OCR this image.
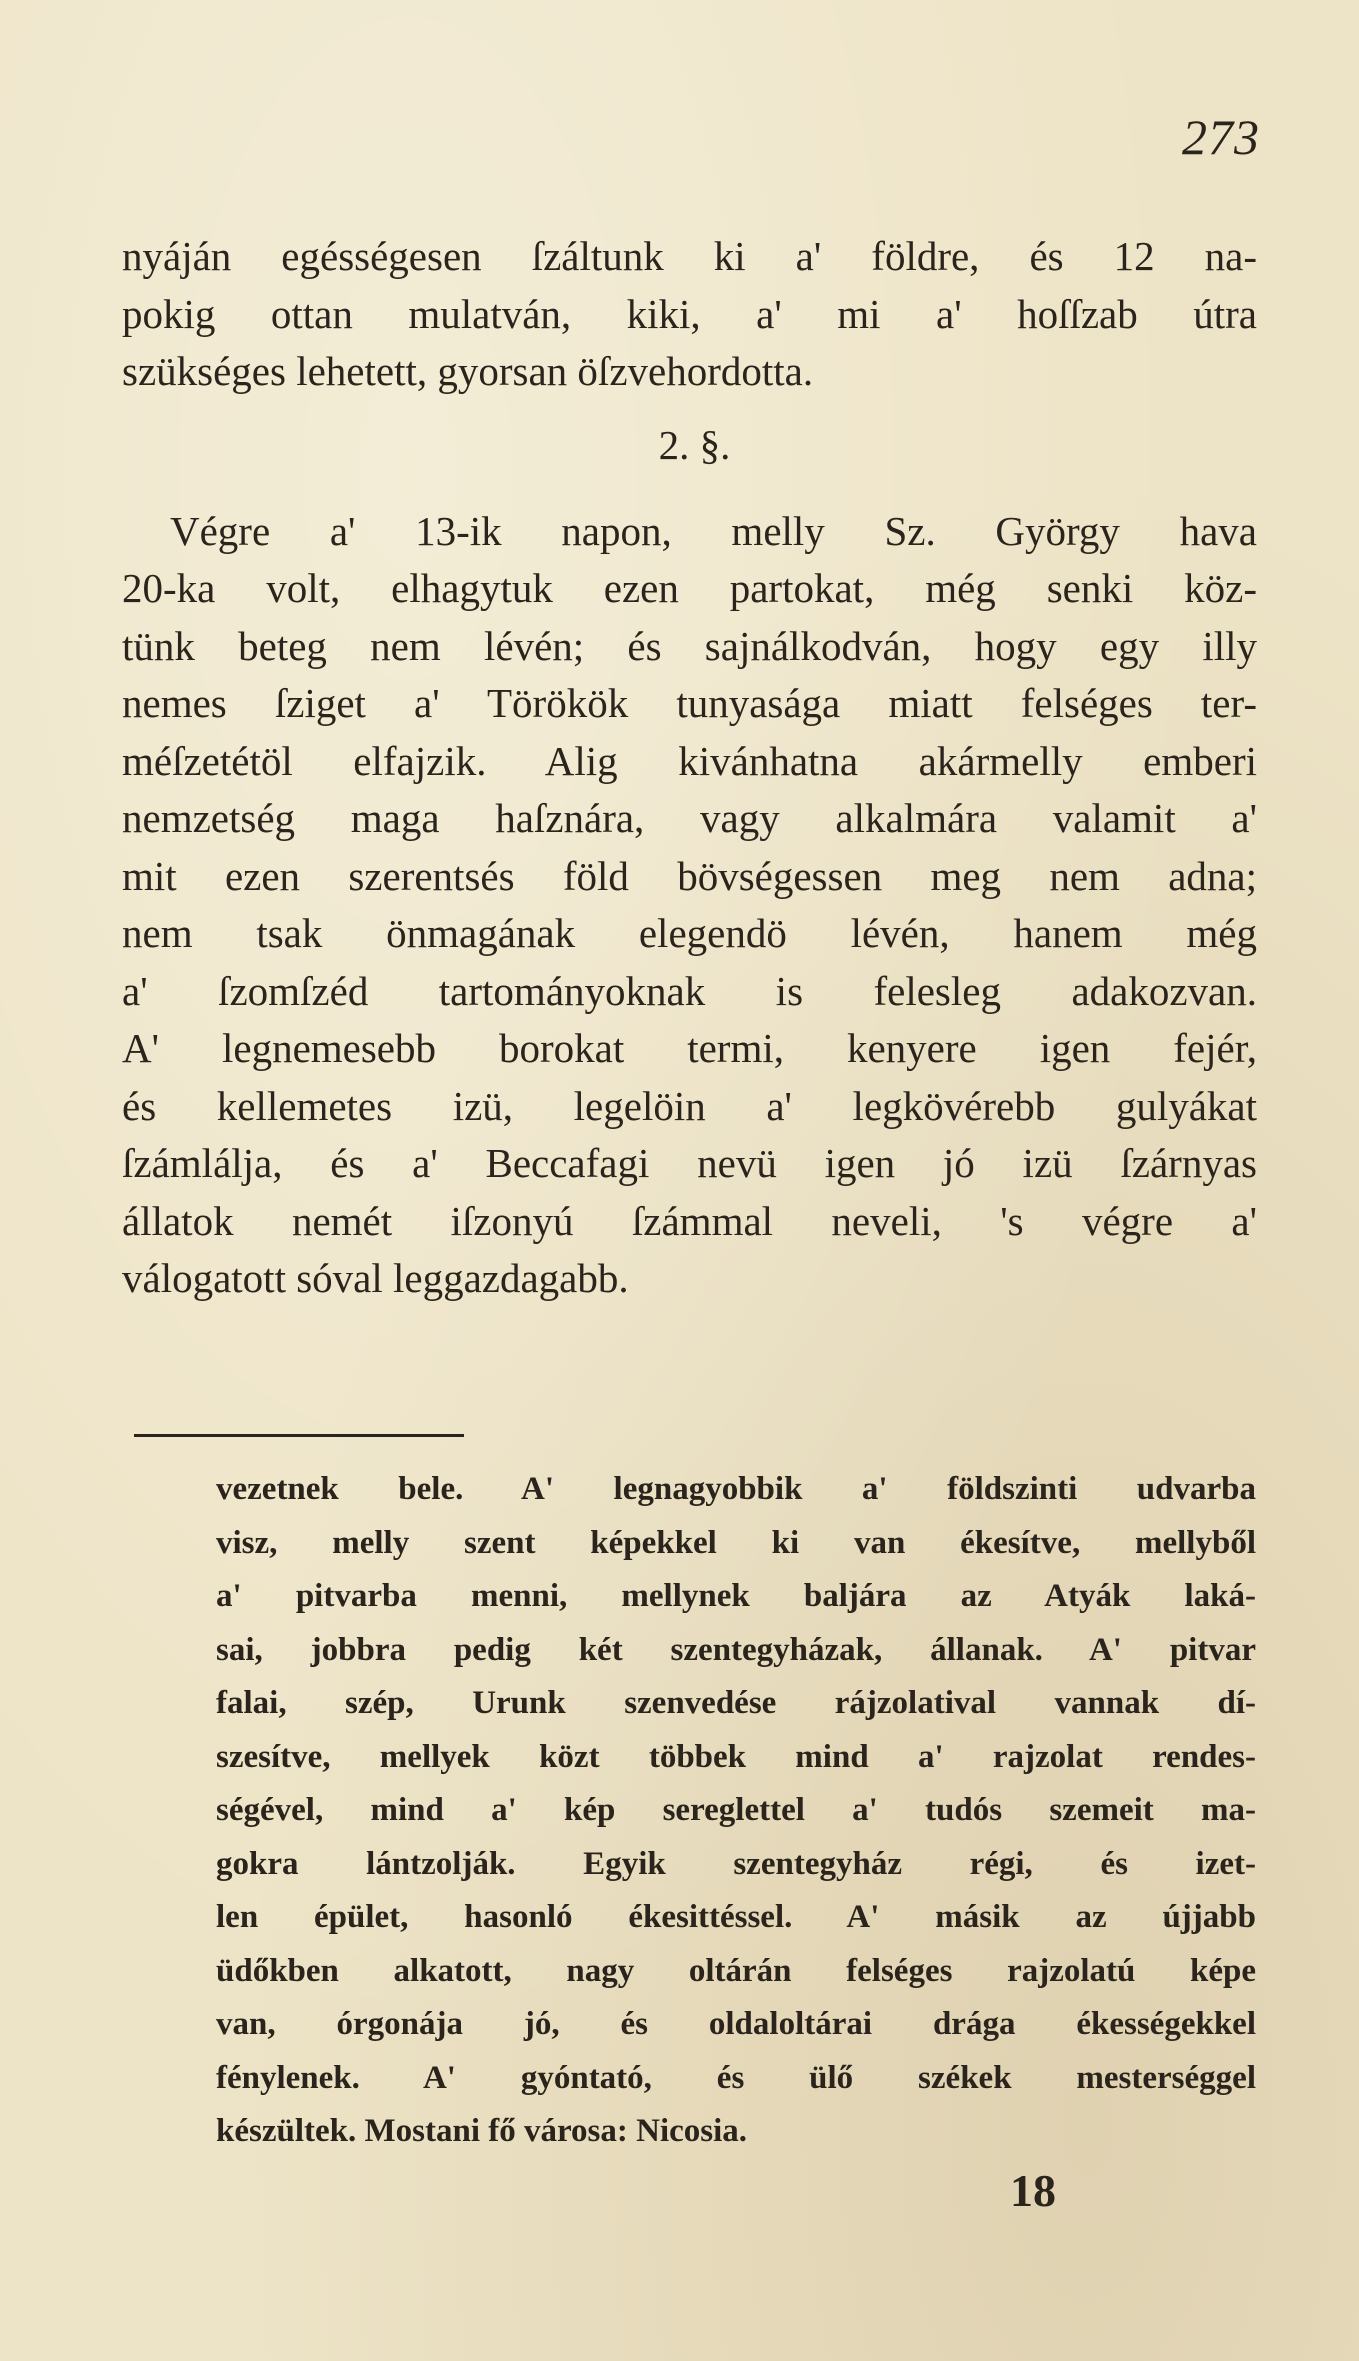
273
nyáján egésségesen ſzáltunk ki a' földre, és 12 na-
pokig ottan mulatván, kiki, a' mi a' hoſſzab útra
szükséges lehetett, gyorsan öſzvehordotta.
2. §.
Végre a' 13-ik napon, melly Sz. György hava
20-ka volt, elhagytuk ezen partokat, még senki köz-
tünk beteg nem lévén; és sajnálkodván, hogy egy illy
nemes ſziget a' Törökök tunyasága miatt felséges ter-
méſzetétöl elfajzik. Alig kivánhatna akármelly emberi
nemzetség maga haſznára, vagy alkalmára valamit a'
mit ezen szerentsés föld bövségessen meg nem adna;
nem tsak önmagának elegendö lévén, hanem még
a' ſzomſzéd tartományoknak is felesleg adakozvan.
A' legnemesebb borokat termi, kenyere igen fejér,
és kellemetes izü, legelöin a' legkövérebb gulyákat
ſzámlálja, és a' Beccafagi nevü igen jó izü ſzárnyas
állatok nemét iſzonyú ſzámmal neveli, 's végre a'
válogatott sóval leggazdagabb.
vezetnek bele. A' legnagyobbik a' földszinti udvarba
visz, melly szent képekkel ki van ékesítve, mellyből
a' pitvarba menni, mellynek baljára az Atyák laká-
sai, jobbra pedig két szentegyházak, állanak. A' pitvar
falai, szép, Urunk szenvedése rájzolatival vannak dí-
szesítve, mellyek közt többek mind a' rajzolat rendes-
ségével, mind a' kép sereglettel a' tudós szemeit ma-
gokra lántzolják. Egyik szentegyház régi, és izet-
len épület, hasonló ékesittéssel. A' másik az újjabb
üdőkben alkatott, nagy oltárán felséges rajzolatú képe
van, órgonája jó, és oldaloltárai drága ékességekkel
fénylenek. A' gyóntató, és ülő székek mesterséggel
készültek. Mostani fő városa: Nicosia.
18
